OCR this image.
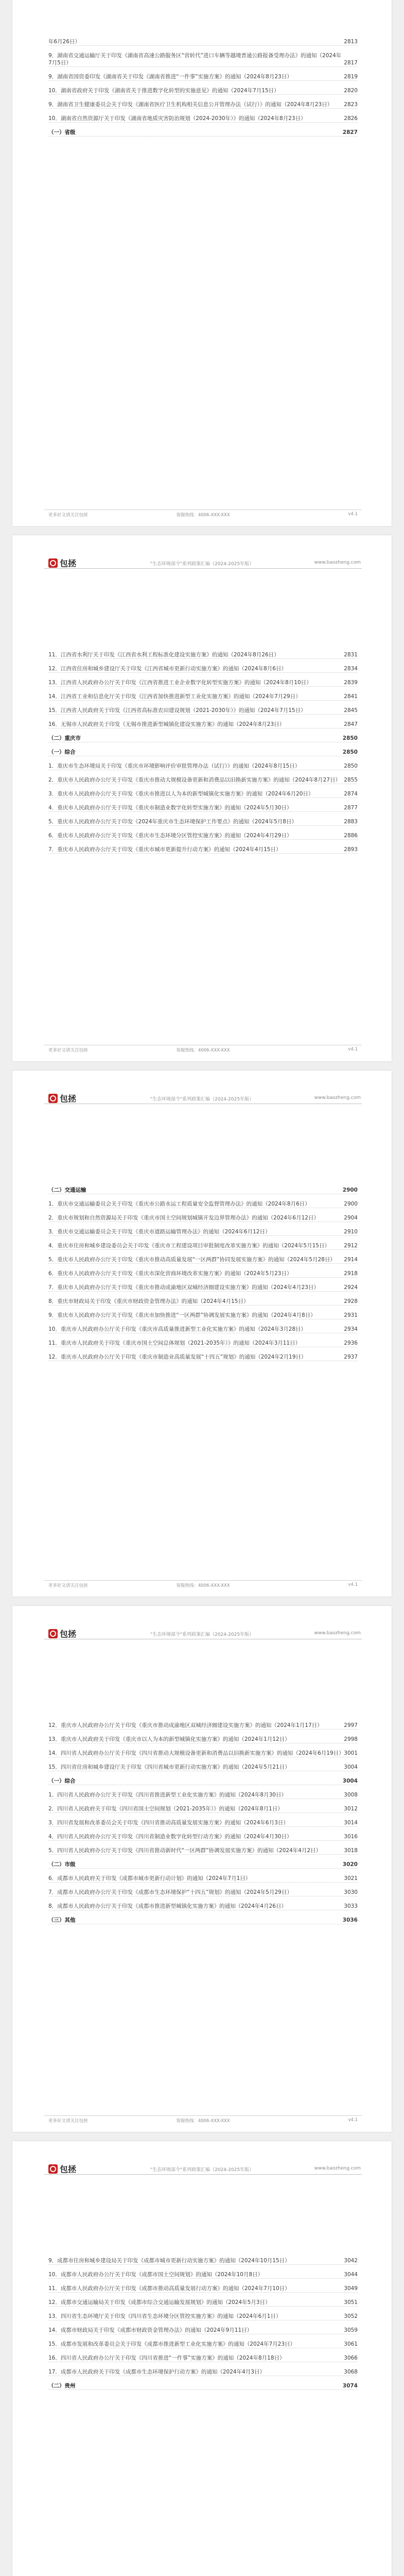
年6月26日）	2813
9．湖南省交通运输厅关于印发《湖南省高速公路服务区“营转代”进口车辆等越境普通公路报备受理办法》的通知（2024年7月5日）	2817
9．湖南省国资委印发《湖南省关于印发《湖南省推进“一件事”实施方案》的通知（2024年8月23日）	2819
10．湖南省政府关于印发《湖南省关于推进数字化转型的实施意见》的通知（2024年7月15日）	2820
9．湖南省卫生健康委员会关于印发《湖南省医疗卫生机构相关信息公开管理办法（试行）》的通知（2024年8月23日） 2823
10．湖南省自然资源厅关于印发《湖南省地质灾害防治规划（2024-2030年）》的通知（2024年8月23日）	2826
（一）省级	2827
更多好文请关注包拯	客服热线：4006-XXX-XXX	v4.1
包拯	"生态环境部令"系列政策汇编（2024-2025年版）	www.baozheng.com
11．江西省水利厅关于印发《江西省水利工程标准化建设实施方案》的通知（2024年8月26日）	2831
12．江西省住房和城乡建设厅关于印发《江西省城市更新行动实施方案》的通知（2024年8月6日）	2834
13．江西省人民政府办公厅关于印发《江西省推进工业企业数字化转型实施方案》的通知（2024年8月10日）	2839
14．江西省工业和信息化厅关于印发《江西省加快推进新型工业化实施方案》的通知（2024年7月29日）	2841
15．江西省人民政府关于印发《江西省高标准农田建设规划（2021-2030年）》的通知（2024年7月15日）	2845
16．无锡市人民政府关于印发《无锡市推进新型城镇化建设实施方案》的通知（2024年8月23日）	2847
（二）重庆市	2850
（一）综合	2850
1．重庆市生态环境局关于印发《重庆市环境影响评价审批管理办法（试行）》的通知（2024年8月15日）	2850
2．重庆市人民政府办公厅关于印发《重庆市推动大规模设备更新和消费品以旧换新实施方案》的通知（2024年8月27日） 2855
3．重庆市人民政府办公厅关于印发《重庆市推进以人为本的新型城镇化实施方案》的通知（2024年6月20日）	2874
4．重庆市人民政府办公厅关于印发《重庆市制造业数字化转型实施方案》的通知（2024年5月30日）	2877
5．重庆市人民政府办公厅关于印发《2024年重庆市生态环境保护工作要点》的通知（2024年5月8日）	2883
6．重庆市人民政府办公厅关于印发《重庆市生态环境分区管控实施方案》的通知（2024年4月29日）	2886
7．重庆市人民政府办公厅关于印发《重庆市城市更新提升行动方案》的通知（2024年4月15日）	2893
更多好文请关注包拯	客服热线：4006-XXX-XXX	v4.1
包拯	"生态环境部令"系列政策汇编（2024-2025年版）	www.baozheng.com
（二）交通运输	2900
1．重庆市交通运输委员会关于印发《重庆市公路水运工程质量安全监督管理办法》的通知（2024年8月6日）	2900
2．重庆市规划和自然资源局关于印发《重庆市国土空间规划城镇开发边界管理办法》的通知（2024年6月12日）	2904
3．重庆市交通运输委员会关于印发《重庆市道路运输管理办法》的通知（2024年6月12日）	2910
4．重庆市住房和城乡建设委员会关于印发《重庆市工程建设项目审批制度改革实施方案》的通知（2024年5月15日）	2912
5．重庆市人民政府办公厅关于印发《重庆市推动高质量发展“一区两群”协同发展实施方案》的通知（2024年5月28日） 2914
6．重庆市人民政府办公厅关于印发《重庆市深化营商环境改革实施方案》的通知（2024年5月23日）	2918
7．重庆市人民政府办公厅关于印发《重庆市推动成渝地区双城经济圈建设实施方案》的通知（2024年4月23日）	2924
8．重庆市财政局关于印发《重庆市财政资金管理办法》的通知（2024年4月15日）	2928
9．重庆市人民政府办公厅关于印发《重庆市加快推进“一区两群”协调发展实施方案》的通知（2024年4月8日）	2931
10．重庆市人民政府办公厅关于印发《重庆市高质量推进新型工业化实施方案》的通知（2024年3月28日）	2934
11．重庆市人民政府关于印发《重庆市国土空间总体规划（2021-2035年）》的通知（2024年3月11日）	2936
12．重庆市人民政府办公厅关于印发《重庆市制造业高质量发展“十四五”规划》的通知（2024年2月19日）	2937
更多好文请关注包拯	客服热线：4006-XXX-XXX	v4.1
包拯	"生态环境部令"系列政策汇编（2024-2025年版）	www.baozheng.com
12．重庆市人民政府办公厅关于印发《重庆市推动成渝地区双城经济圈建设实施方案》的通知（2024年1月17日）	2997
13．重庆市人民政府关于印发《重庆市以人为本的新型城镇化实施方案》的通知（2024年1月12日）	2998
14．四川省人民政府办公厅关于印发《四川省推动大规模设备更新和消费品以旧换新实施方案》的通知（2024年6月19日） 3001
15．四川省住房和城乡建设厅关于印发《四川省城市更新行动实施方案》的通知（2024年5月21日）	3004
（一）综合	3004
1．四川省人民政府办公厅关于印发《四川省推进新型工业化实施方案》的通知（2024年8月30日）	3008
2．四川省人民政府关于印发《四川省国土空间规划（2021-2035年）》的通知（2024年8月1日）	3012
3．四川省发展和改革委员会关于印发《四川省推动高质量发展实施方案》的通知（2024年6月3日）	3014
4．四川省人民政府办公厅关于印发《四川省制造业数字化转型行动方案》的通知（2024年4月30日）	3016
5．四川省人民政府办公厅关于印发《四川省推动新时代“一区两群”协调发展实施方案》的通知（2024年4月2日）	3018
（二）市级	3020
6．成都市人民政府关于印发《成都市城市更新行动计划》的通知（2024年7月1日）	3021
7．成都市人民政府办公厅关于印发《成都市生态环境保护“十四五”规划》的通知（2024年5月29日）	3030
8．成都市人民政府办公厅关于印发《成都市推进新型城镇化实施方案》的通知（2024年4月26日）	3033
（三）其他	3036
更多好文请关注包拯	客服热线：4006-XXX-XXX	v4.1
包拯	"生态环境部令"系列政策汇编（2024-2025年版）	www.baozheng.com
9．成都市住房和城乡建设局关于印发《成都市城市更新行动实施方案》的通知（2024年10月15日）	3042
10．成都市人民政府办公厅关于印发《成都市国土空间规划》的通知（2024年10月8日）	3044
11．成都市人民政府办公厅关于印发《成都市推动高质量发展行动方案》的通知（2024年7月10日）	3049
12．成都市交通运输局关于印发《成都市综合交通运输发展规划》的通知（2024年5月3日）	3051
13．四川省生态环境厅关于印发《四川省生态环境分区管控实施方案》的通知（2024年6月1日）	3052
14．成都市财政局关于印发《成都市财政资金管理办法》的通知（2024年9月11日）	3059
15．成都市发展和改革委员会关于印发《成都市推进新型工业化实施方案》的通知（2024年7月23日）	3061
16．四川省人民政府办公厅关于印发《四川省推进“一件事”实施方案》的通知（2024年8月18日）	3066
17．成都市人民政府关于印发《成都市生态环境保护行动方案》的通知（2024年4月3日）	3068
（二）贵州	3074
